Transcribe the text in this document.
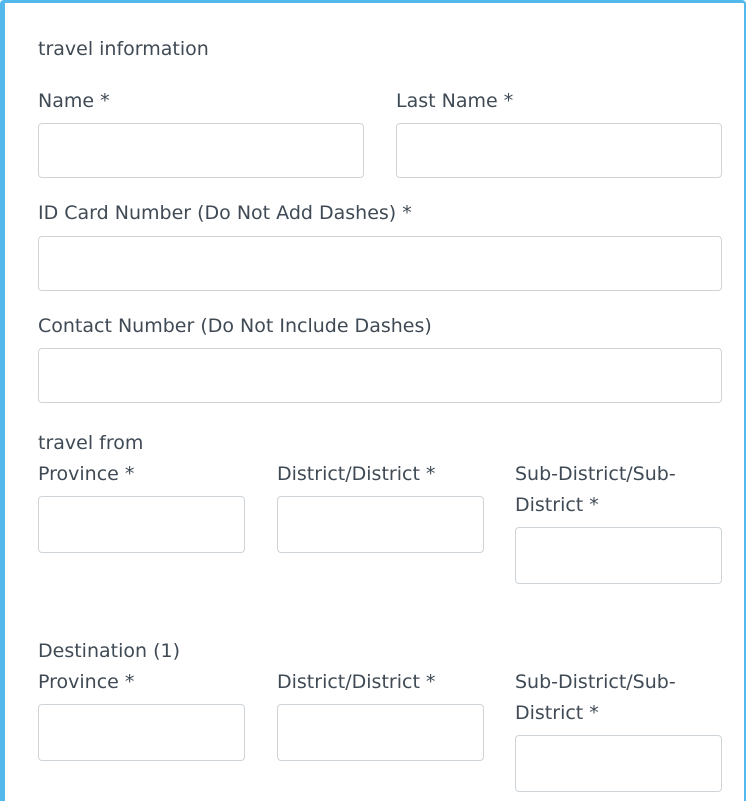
travel information
Name *	Last Name *
ID Card Number (Do Not Add Dashes) *
Contact Number (Do Not Include Dashes)
travel from
Province *	District/District *	Sub-District/Sub-District *
Destination (1)
Province *	District/District *	Sub-District/Sub-District *
